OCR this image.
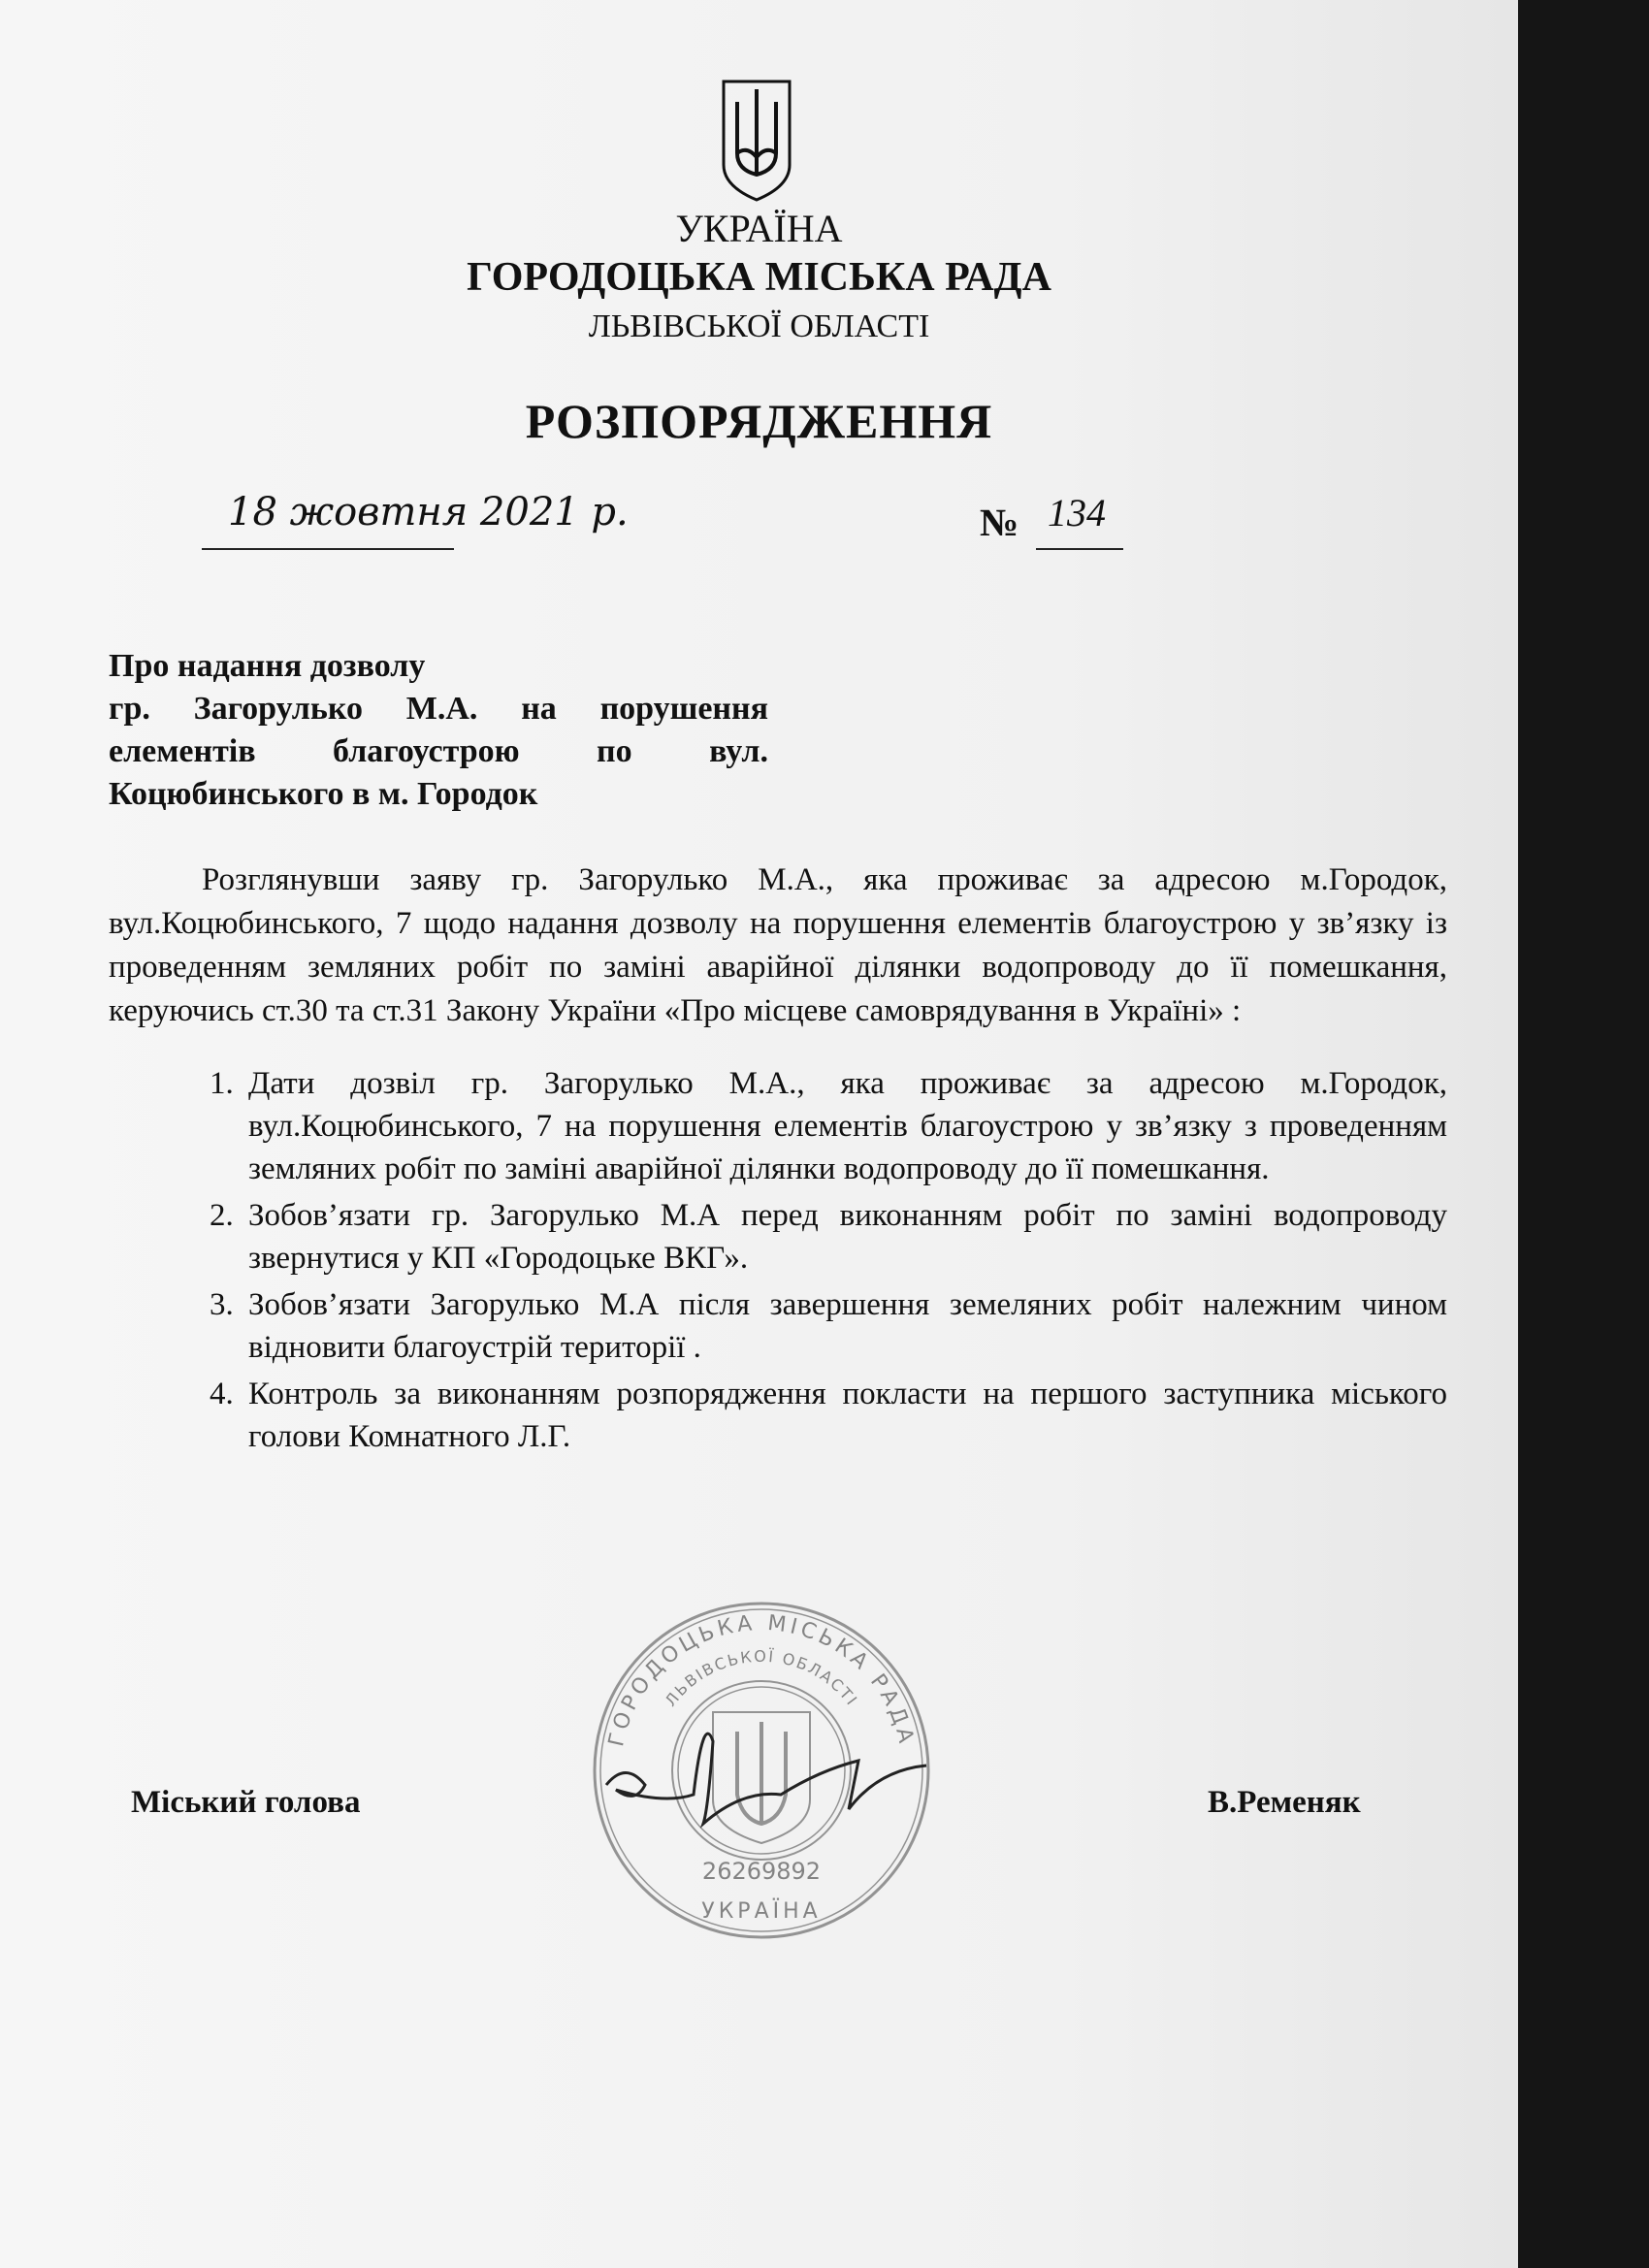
УКРАЇНА
ГОРОДОЦЬКА МІСЬКА РАДА
ЛЬВІВСЬКОЇ ОБЛАСТІ
РОЗПОРЯДЖЕННЯ
18 жовтня 2021 р.	№ 134
Про надання дозволу
гр. Загорулько М.А. на порушення
елементів благоустрою по вул.
Коцюбинського в м. Городок
Розглянувши заяву гр. Загорулько М.А., яка проживає за адресою м.Городок, вул.Коцюбинського, 7 щодо надання дозволу на порушення елементів благоустрою у зв’язку із проведенням земляних робіт по заміні аварійної ділянки водопроводу до її помешкання, керуючись ст.30 та ст.31 Закону України «Про місцеве самоврядування в Україні» :
1. Дати дозвіл гр. Загорулько М.А., яка проживає за адресою м.Городок, вул.Коцюбинського, 7 на порушення елементів благоустрою у зв’язку з проведенням земляних робіт по заміні аварійної ділянки водопроводу до її помешкання.
2. Зобов’язати гр. Загорулько М.А перед виконанням робіт по заміні водопроводу звернутися у КП «Городоцьке ВКГ».
3. Зобов’язати Загорулько М.А після завершення земеляних робіт належним чином відновити благоустрій території .
4. Контроль за виконанням розпорядження покласти на першого заступника міського голови Комнатного Л.Г.
Міський голова	В.Ременяк
ГОРОДОЦЬКА МІСЬКА РАДА
ЛЬВІВСЬКОЇ ОБЛАСТІ
26269892
УКРАЇНА
